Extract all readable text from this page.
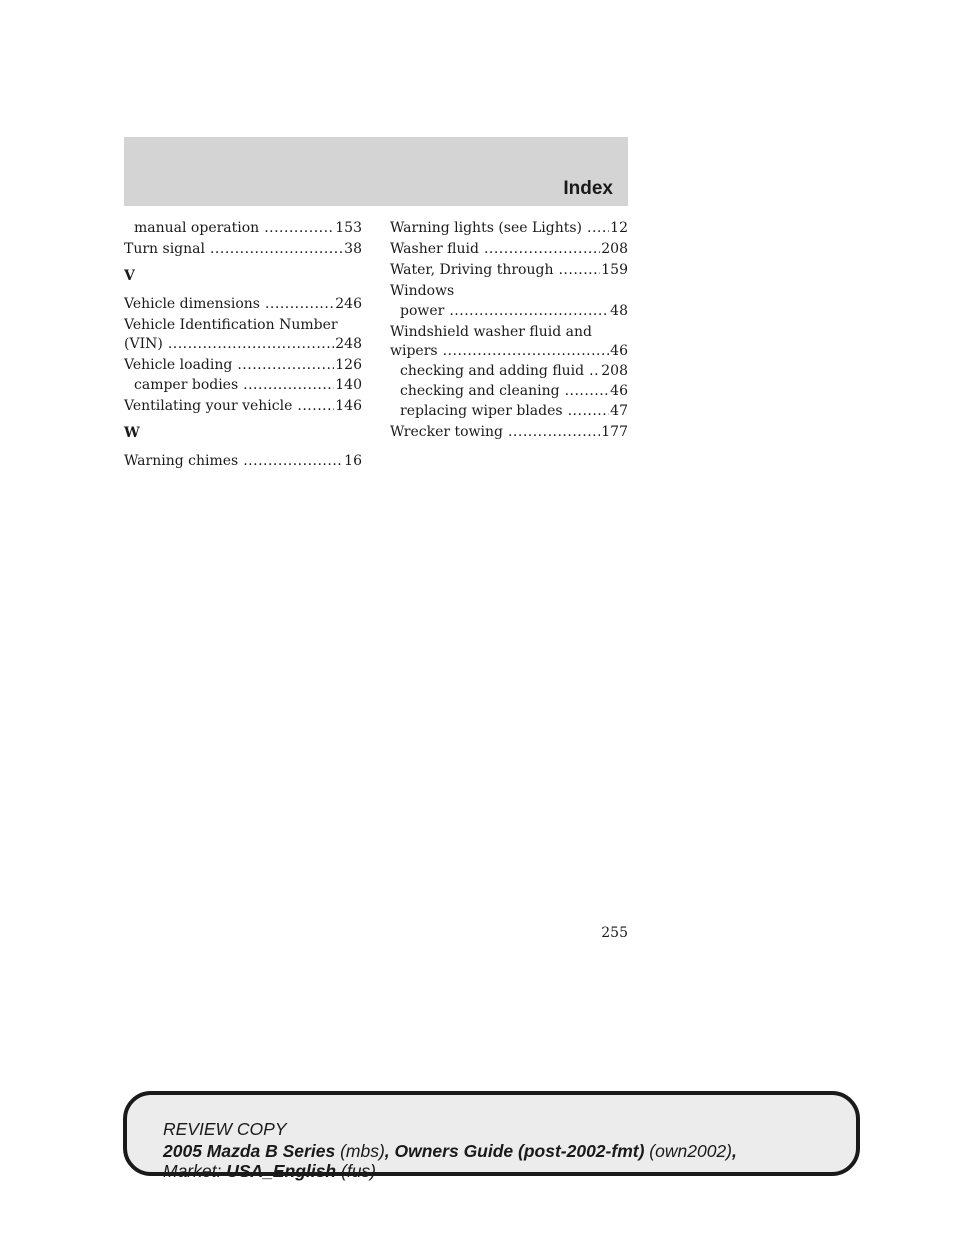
Index
manual operation .....	153
Turn signal .....	38
V
Vehicle dimensions .....	246
Vehicle Identification Number
(VIN) .....	248
Vehicle loading .....	126
camper bodies .....	140
Ventilating your vehicle .....	146
W
Warning chimes .....	16
Warning lights (see Lights) ..... 12
Washer fluid .....	208
Water, Driving through .....	159
Windows
power .....	48
Windshield washer fluid and
wipers .....	46
checking and adding fluid ..... 208
checking and cleaning .....	46
replacing wiper blades .....	47
Wrecker towing .....	177
255
REVIEW COPY
2005 Mazda B Series (mbs), Owners Guide (post-2002-fmt) (own2002),
Market: USA_English (fus)
